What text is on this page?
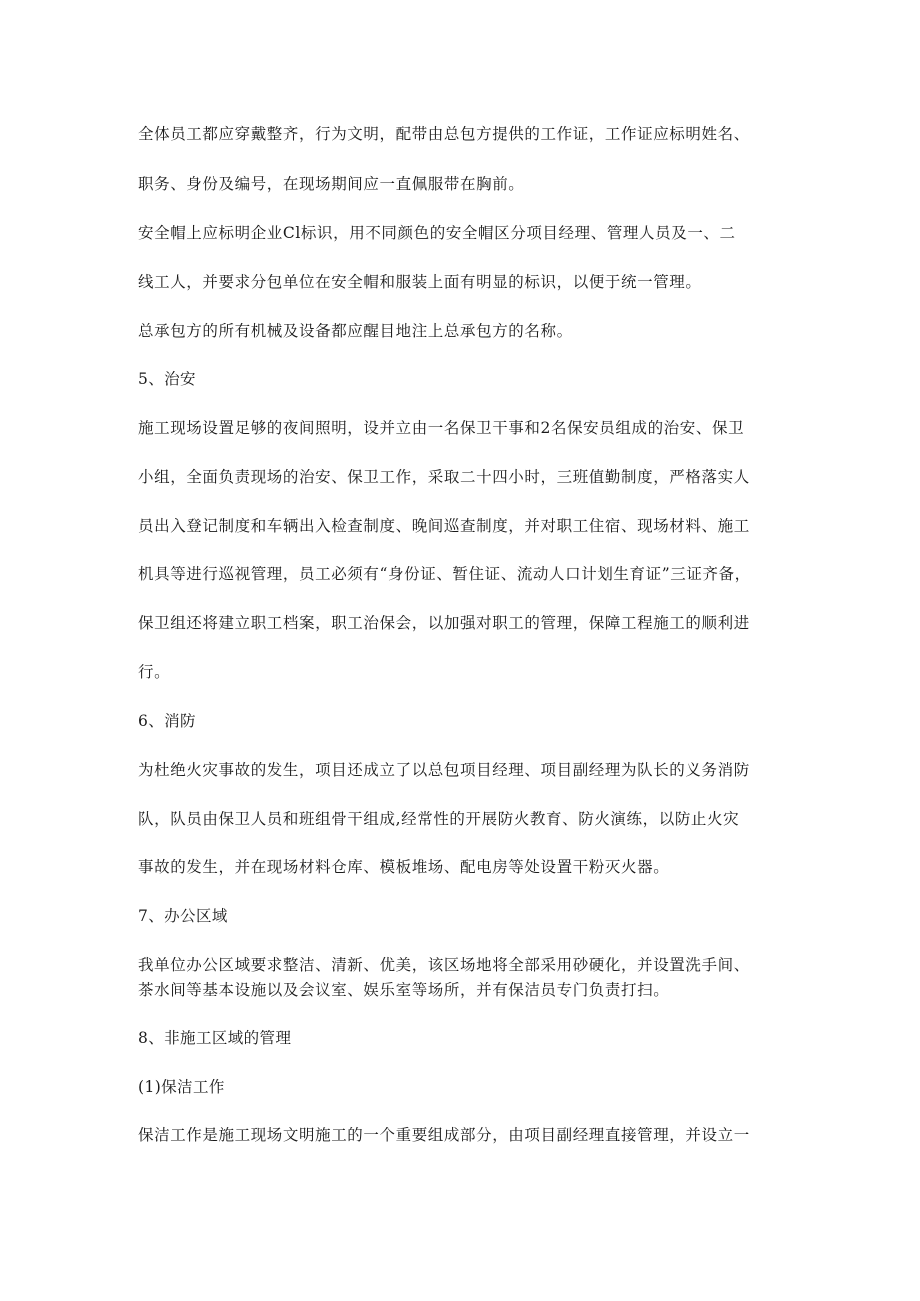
全体员工都应穿戴整齐，行为文明，配带由总包方提供的工作证，工作证应标明姓名、
职务、身份及编号，在现场期间应一直佩服带在胸前。
安全帽上应标明企业Cl标识，用不同颜色的安全帽区分项目经理、管理人员及一、二
线工人，并要求分包单位在安全帽和服装上面有明显的标识，以便于统一管理。
总承包方的所有机械及设备都应醒目地注上总承包方的名称。
5、治安
施工现场设置足够的夜间照明，设并立由一名保卫干事和2名保安员组成的治安、保卫
小组，全面负责现场的治安、保卫工作，采取二十四小时，三班值勤制度，严格落实人
员出入登记制度和车辆出入检查制度、晚间巡查制度，并对职工住宿、现场材料、施工
机具等进行巡视管理，员工必须有“身份证、暂住证、流动人口计划生育证”三证齐备，
保卫组还将建立职工档案，职工治保会，以加强对职工的管理，保障工程施工的顺利进
行。
6、消防
为杜绝火灾事故的发生，项目还成立了以总包项目经理、项目副经理为队长的义务消防
队，队员由保卫人员和班组骨干组成,经常性的开展防火教育、防火演练，以防止火灾
事故的发生，并在现场材料仓库、模板堆场、配电房等处设置干粉灭火器。
7、办公区域
我单位办公区域要求整洁、清新、优美，该区场地将全部采用砂硬化，并设置洗手间、
茶水间等基本设施以及会议室、娱乐室等场所，并有保洁员专门负责打扫。
8、非施工区域的管理
(1)保洁工作
保洁工作是施工现场文明施工的一个重要组成部分，由项目副经理直接管理，并设立一
